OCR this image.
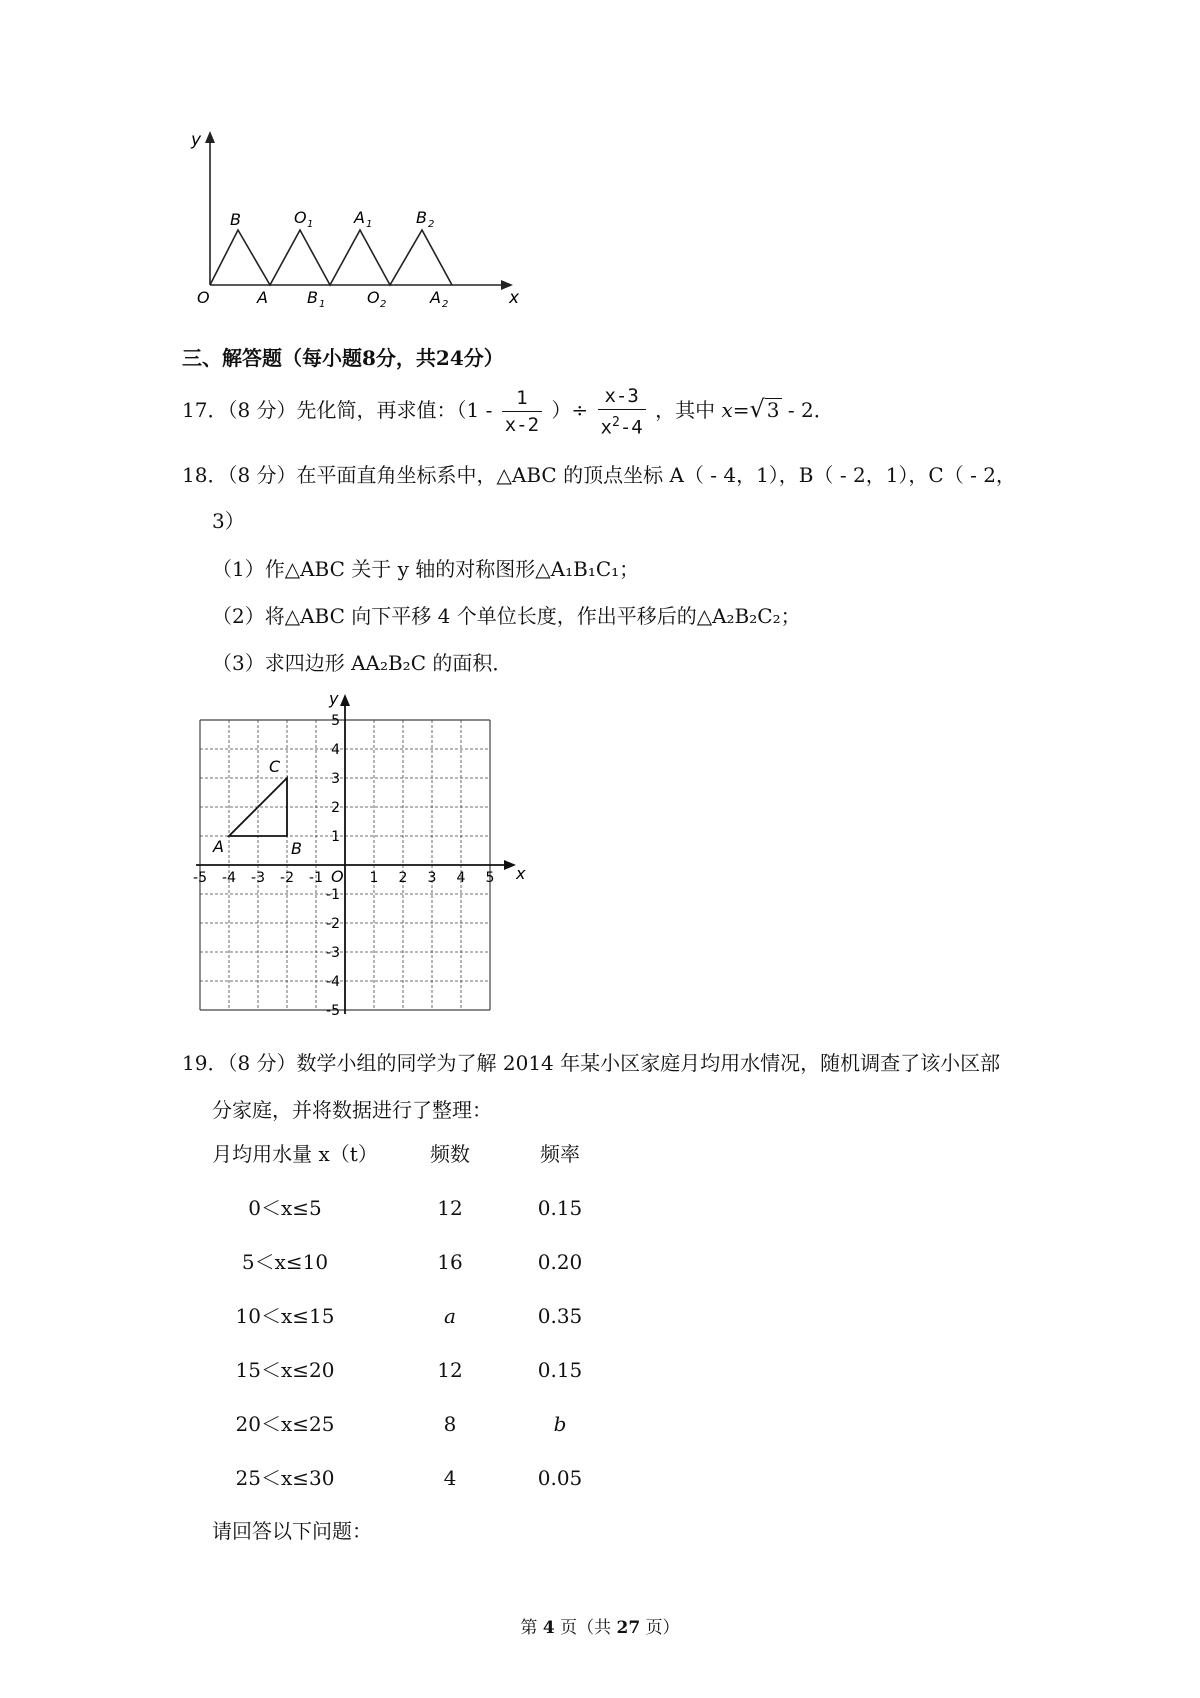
y
x
B	O 1	A 1	B 2
O	A B 1	O 2	A 2
三、解答题（每小题8分，共24分）
17．（8 分）先化简，再求值：（$1 - \frac{1}{x-2}$ ）÷ $\frac{x-3}{x^2-4}$ ，其中 x=√ 3 - 2．
18．（8 分）在平面直角坐标系中，△ABC 的顶点坐标 A（ - 4，1），B（ - 2，1），C（ - 2，
3）
（1）作△ABC 关于 y 轴的对称图形△A₁B₁C₁；
（2）将△ABC 向下平移 4 个单位长度，作出平移后的△A₂B₂C₂；
（3）求四边形 AA₂B₂C 的面积．
-5 -4 -3 -2 -1	1 2 3 4 5
5
4
3
2
1
-1
-2
-3
-4
-5
A	B
C
O	x
y
19．（8 分）数学小组的同学为了解 2014 年某小区家庭月均用水情况，随机调查了该小区部
分家庭，并将数据进行了整理：
月均用水量 x（t）	频数	频率
0＜x≤5	12	0.15
5＜x≤10	16	0.20
10＜x≤15	a	0.35
15＜x≤20	12	0.15
20＜x≤25	8	b
25＜x≤30	4	0.05
请回答以下问题：
第 4 页（共 27 页）
